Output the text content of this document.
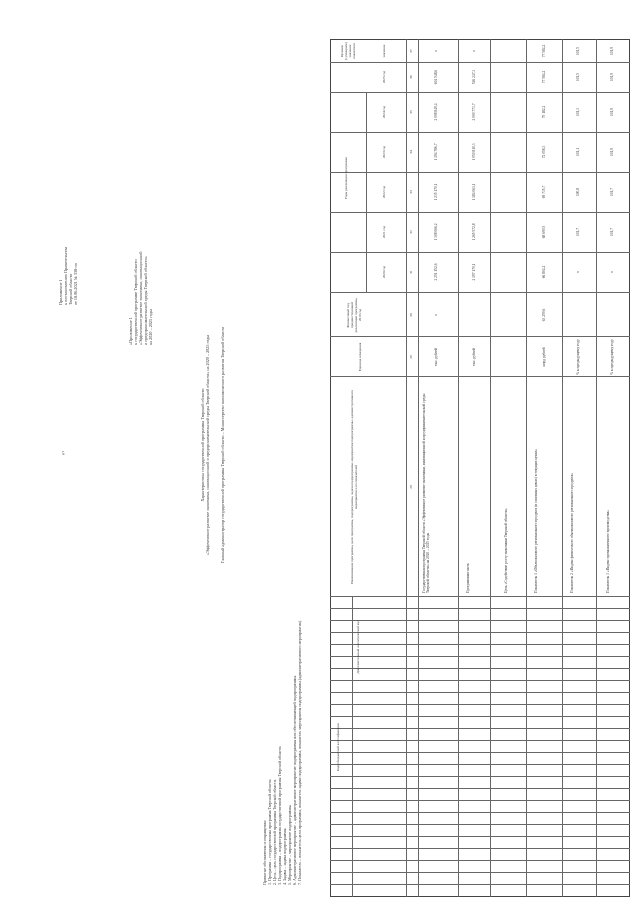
5
Приложение 1 к постановлению Правительства Тверской области от 18.06.2021 № 338-пп
«Приложение 1 к государственной программе Тверской области «Эффективное развитие экономики, инновационной и предпринимательской среды Тверской области» на 2020 – 2025 годы
Характеристика государственной программы Тверской области «Эффективное развитие экономики, инновационной и предпринимательской среды Тверской области» на 2020 – 2025 годы Главный администратор государственной программы Тверской области – Министерство экономического развития Тверской области
Принятые обозначения и сокращения: 1. Программа – государственная программа Тверской области. 2. Цель – цель государственной программы Тверской области. 3. Подпрограмма – подпрограмма государственной программы Тверской области. 4. Задача – задача подпрограммы. 5. Мероприятие – мероприятие подпрограммы. 6. Административное мероприятие – административное мероприятие подпрограммы или обеспечивающей подпрограммы. 7. Показатель – показатель цели программы, показатель задачи подпрограммы, показатель мероприятия подпрограммы (административного мероприятия).	Коды бюджетной классификации
Дополнительный аналитический код
Наименование программы, цели программы, подпрограммы, задачи подпрограммы, мероприятия подпрограммы, административного мероприятия и их показателей
Единица измерения
Финансовый год, предшествующий реализации программы, 2019 год
Годы реализации программы
Целевое (суммарное) значение показателя
2020 год
2021 год
2022 год
2023 год
2024 год
2025 год
значение
28
29
30
31
32
33
34
35
36
37
Государственная программа Тверской области «Эффективное развитие экономики, инновационной и предпринимательской среды Тверской области» на 2020 – 2025 годы
тыс. рублей
х
2 251 152,6
1 308 066,2
1 235 170,1
1 194 786,7
2 008 849,4
604 548,6
х
Программная часть
тыс. рублей
2 197 170,1
1 265 572,8
1 184 063,1
1 050 810,3
2 000 773,7
526 247,3
х
Цель «Содействие росту экономики Тверской области»	Показатель 1 «Объем валового регионального продукта (в основных ценах) в текущих ценах»
млрд рублей
63 259,6
66 804,2
68 690,5
69 735,7
72 058,3
75 182,2
77 584,2
77 584,2
Показатель 2 «Индекс физического объема валового регионального продукта»
% к предыдущему году
х
101,7
100,8
101,1
101,3
101,5
101,5
Показатель 3 «Индекс промышленного производства»
% к предыдущему году
х
101,7
101,7
101,9
101,9
101,9
101,9
